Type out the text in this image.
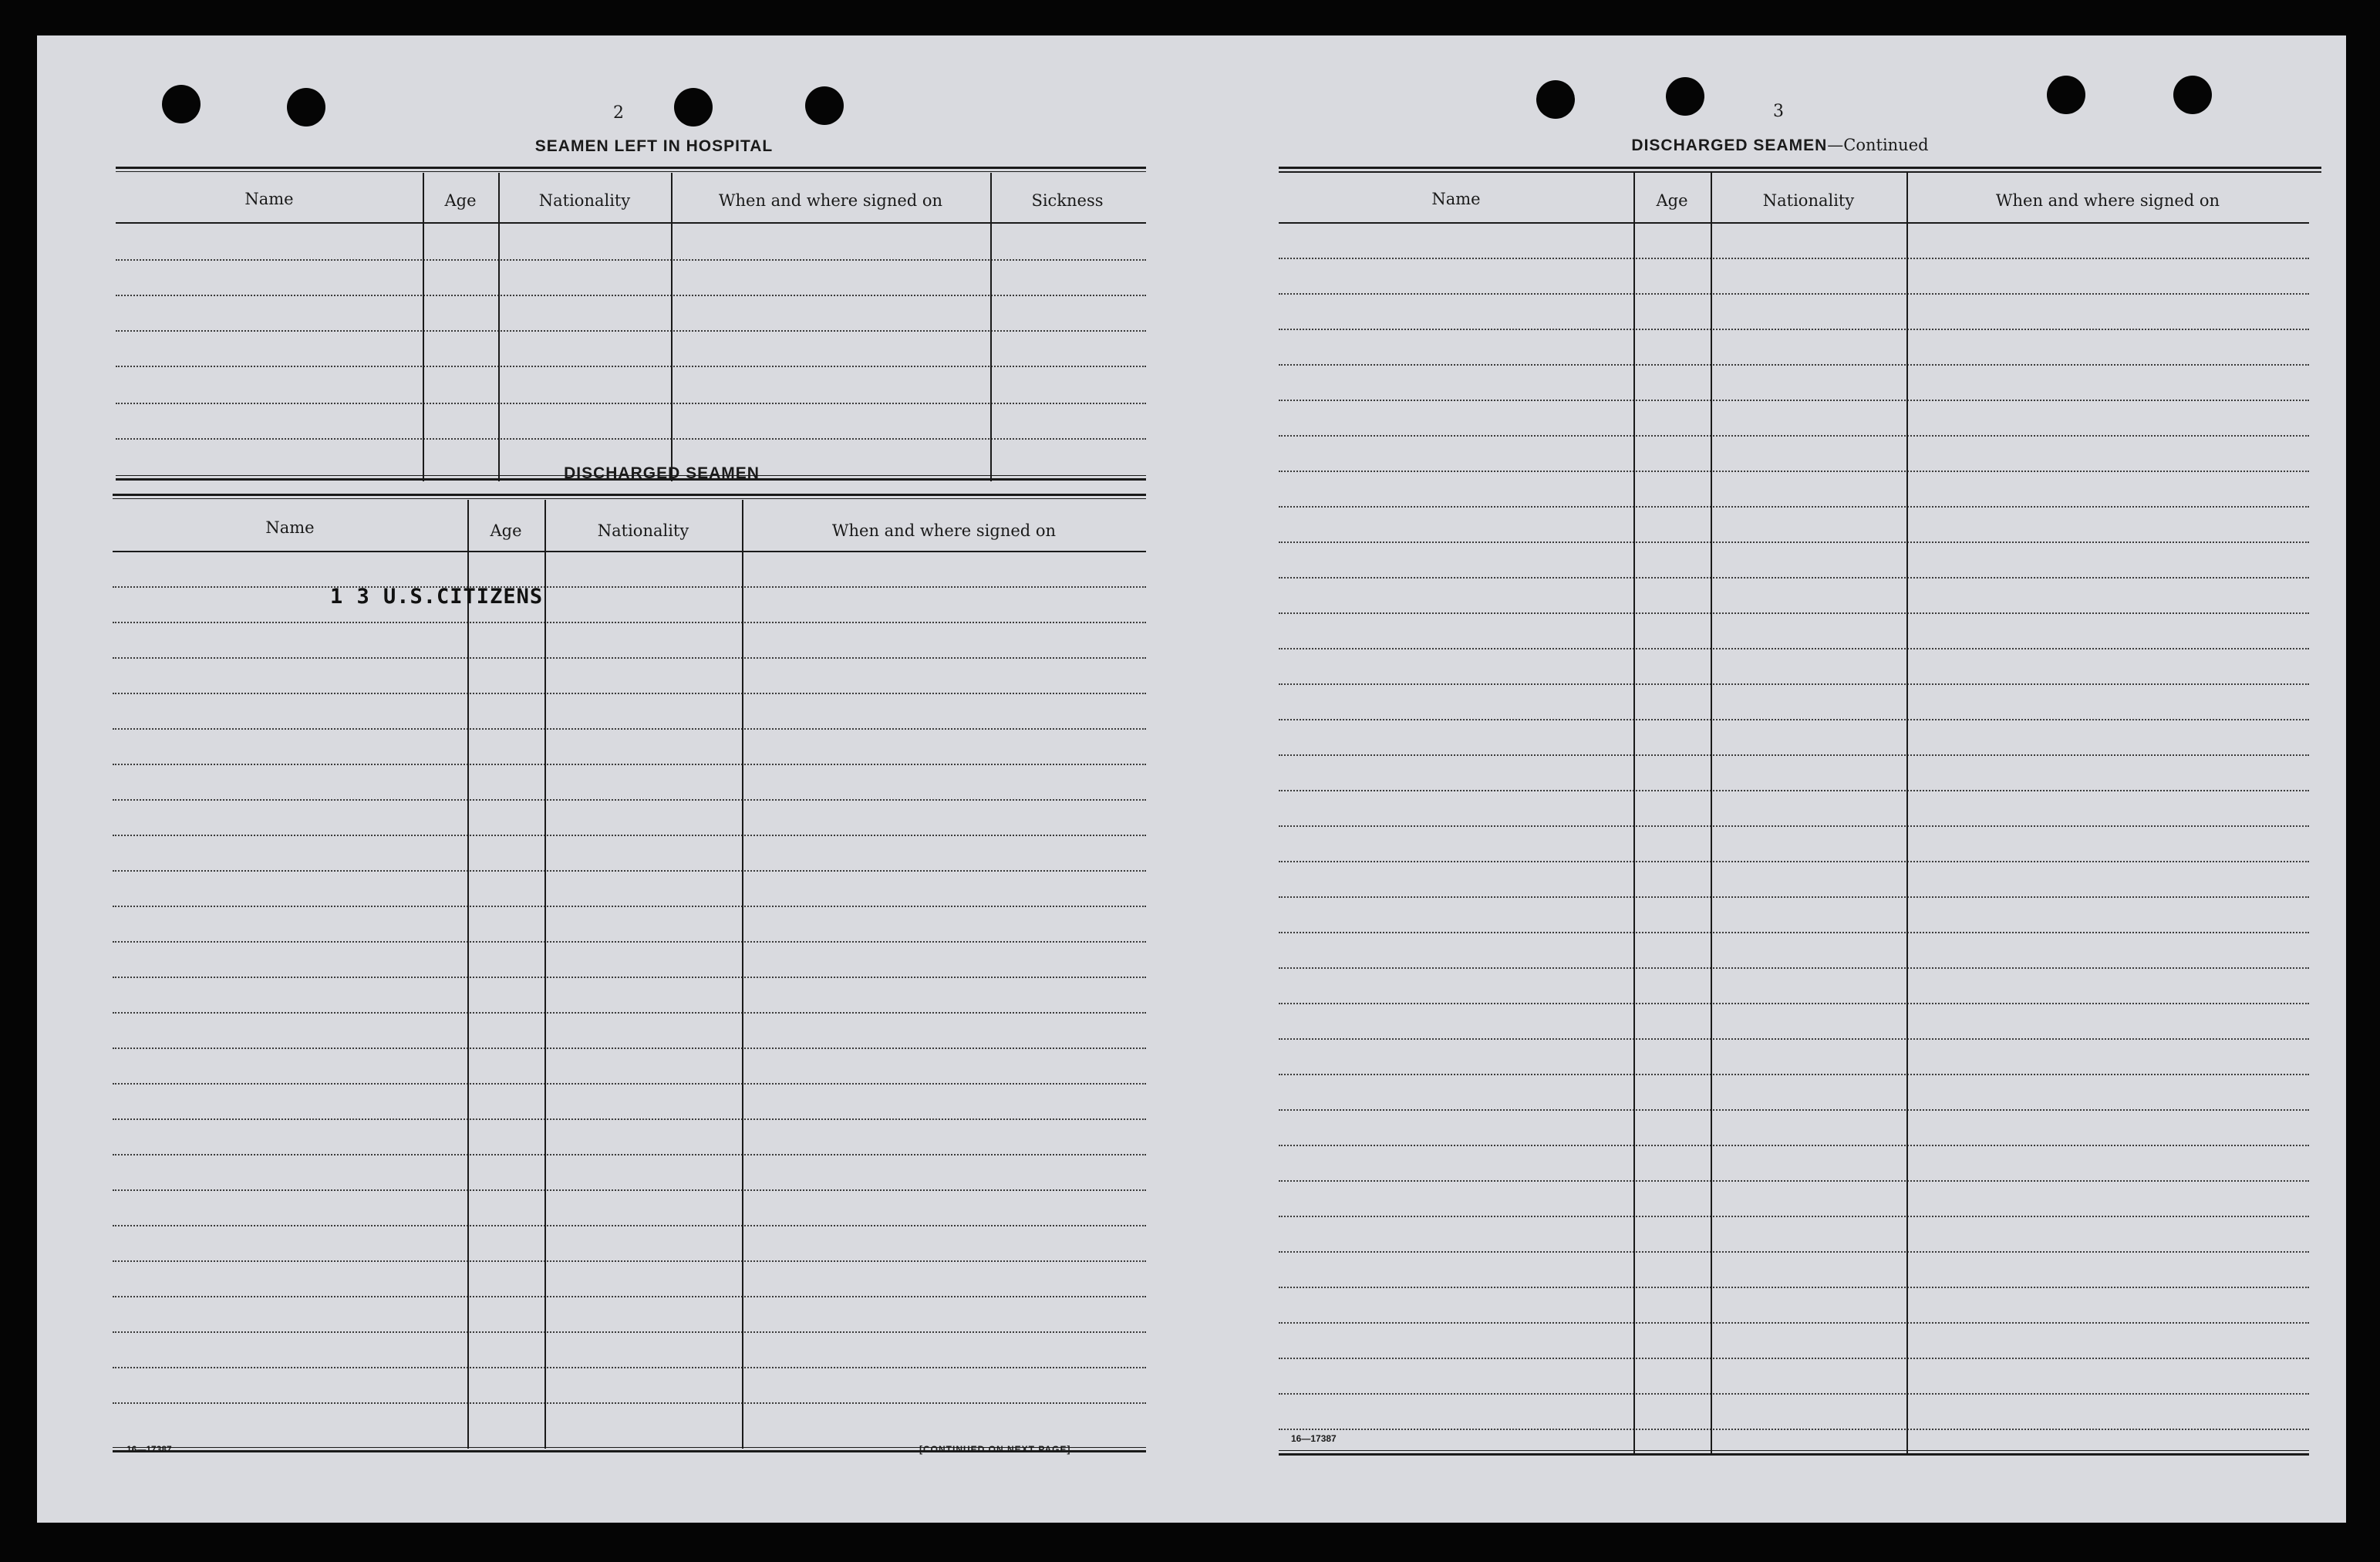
2
SEAMEN LEFT IN HOSPITAL
Name	Age	Nationality	When and where signed on	Sickness
DISCHARGED SEAMEN
Name	Age	Nationality	When and where signed on
1 3 U.S.CITIZENS
16—17387	[CONTINUED ON NEXT PAGE]
3
DISCHARGED SEAMEN—Continued
Name	Age	Nationality	When and where signed on
16—17387
